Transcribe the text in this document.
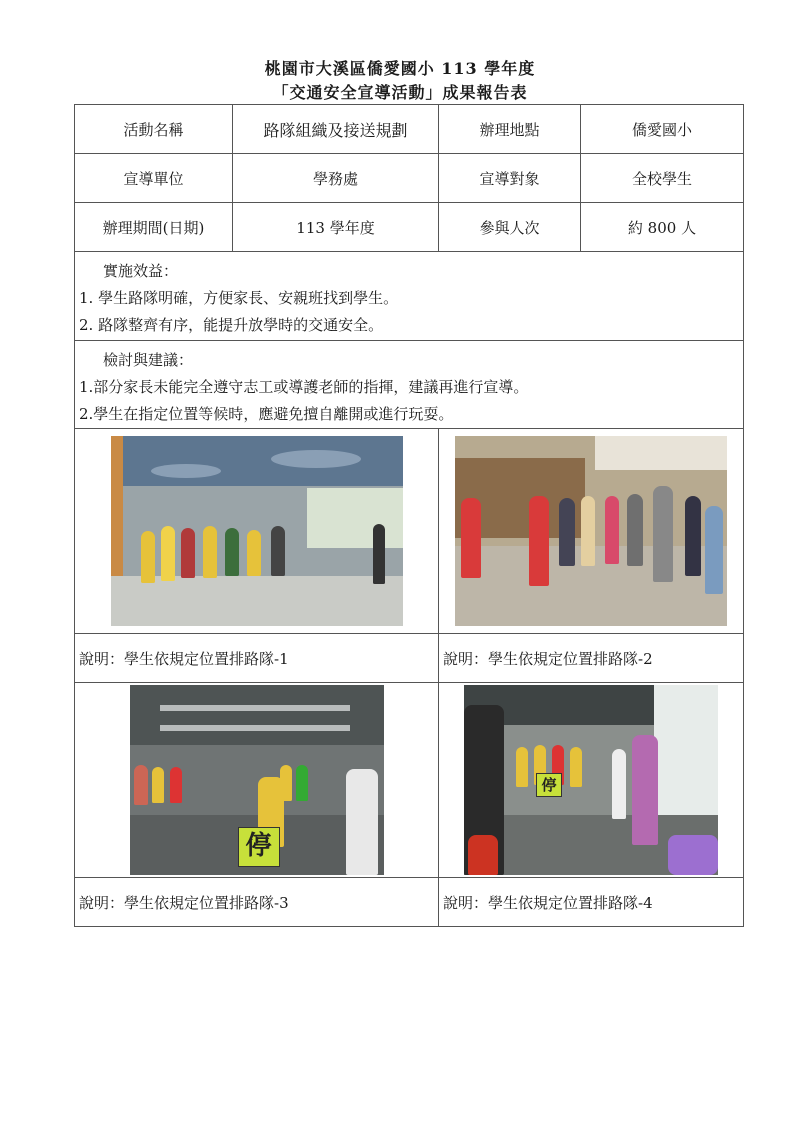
桃園市大溪區僑愛國小 113 學年度
「交通安全宣導活動」成果報告表
活動名稱	路隊組織及接送規劃	辦理地點	僑愛國小
宣導單位	學務處	宣導對象	全校學生
辦理期間(日期)	113 學年度	參與人次	約 800 人

實施效益：
1. 學生路隊明確，方便家長、安親班找到學生。
2. 路隊整齊有序，能提升放學時的交通安全。			

檢討與建議：
1.部分家長未能完全遵守志工或導護老師的指揮，建議再進行宣導。
2.學生在指定位置等候時，應避免擅自離開或進行玩耍。			

說明：學生依規定位置排路隊-1		說明：學生依規定位置排路隊-2	

停		停	

說明：學生依規定位置排路隊-3		說明：學生依規定位置排路隊-4	
